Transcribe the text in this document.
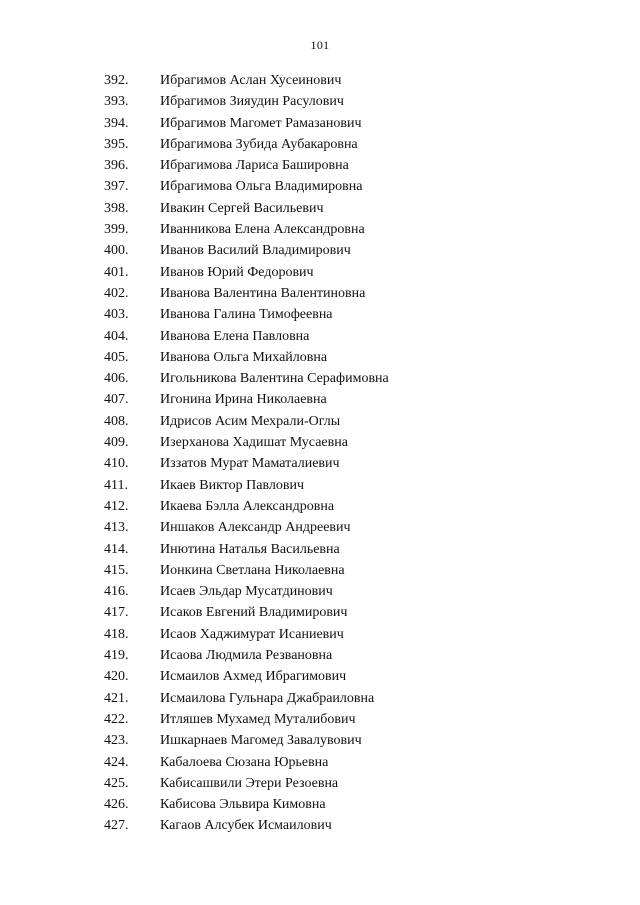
101
392.	Ибрагимов Аслан Хусеинович
393.	Ибрагимов Зияудин Расулович
394.	Ибрагимов Магомет Рамазанович
395.	Ибрагимова Зубида Аубакаровна
396.	Ибрагимова Лариса Башировна
397.	Ибрагимова Ольга Владимировна
398.	Ивакин Сергей Васильевич
399.	Иванникова Елена Александровна
400.	Иванов Василий Владимирович
401.	Иванов Юрий Федорович
402.	Иванова Валентина Валентиновна
403.	Иванова Галина Тимофеевна
404.	Иванова Елена Павловна
405.	Иванова Ольга Михайловна
406.	Игольникова Валентина Серафимовна
407.	Игонина Ирина Николаевна
408.	Идрисов Асим Мехрали-Оглы
409.	Изерханова Хадишат Мусаевна
410.	Иззатов Мурат Маматалиевич
411.	Икаев Виктор Павлович
412.	Икаева Бэлла Александровна
413.	Иншаков Александр Андреевич
414.	Инютина Наталья Васильевна
415.	Ионкина Светлана Николаевна
416.	Исаев Эльдар Мусатдинович
417.	Исаков Евгений Владимирович
418.	Исаов Хаджимурат Исаниевич
419.	Исаова Людмила Резвановна
420.	Исмаилов Ахмед Ибрагимович
421.	Исмаилова Гульнара Джабраиловна
422.	Итляшев Мухамед Муталибович
423.	Ишкарнаев Магомед Завалувович
424.	Кабалоева Сюзана Юрьевна
425.	Кабисашвили Этери Резоевна
426.	Кабисова Эльвира Кимовна
427.	Кагаов Алсубек Исмаилович
